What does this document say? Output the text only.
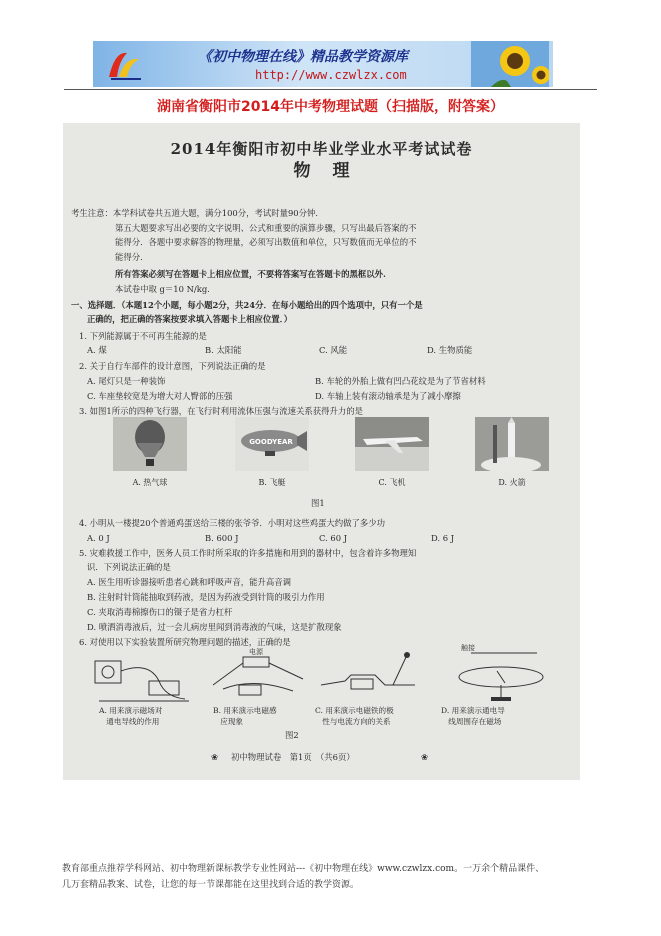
《初中物理在线》精品教学资源库
http://www.czwlzx.com
湖南省衡阳市2014年中考物理试题（扫描版，附答案）
2014年衡阳市初中毕业学业水平考试试卷
物理
考生注意：本学科试卷共五道大题，满分100分，考试时量90分钟．
第五大题要求写出必要的文字说明、公式和重要的演算步骤，只写出最后答案的不
能得分．各题中要求解答的物理量，必须写出数值和单位，只写数值而无单位的不
能得分．
所有答案必须写在答题卡上相应位置，不要将答案写在答题卡的黑框以外.
本试卷中取 g＝10 N/kg.
一、选择题．（本题12个小题，每小题2分，共24分．在每小题给出的四个选项中，只有一个是
正确的，把正确的答案按要求填入答题卡上相应位置．）
1. 下列能源属于不可再生能源的是
A. 煤	B. 太阳能	C. 风能	D. 生物质能
2. 关于自行车部件的设计意图，下列说法正确的是
A. 尾灯只是一种装饰	B. 车轮的外胎上做有凹凸花纹是为了节省材料
C. 车座垫较宽是为增大对人臀部的压强	D. 车轴上装有滚动轴承是为了减小摩擦
3. 如图1所示的四种飞行器，在飞行时利用流体压强与流速关系获得升力的是
A. 热气球
GOODYEAR
B. 飞艇	C. 飞机	D. 火箭
图1
4. 小明从一楼提20个普通鸡蛋送给三楼的张爷爷．小明对这些鸡蛋大约做了多少功
A. 0 J	B. 600 J	C. 60 J	D. 6 J
5. 灾难救援工作中，医务人员工作时所采取的许多措施和用到的器材中，包含着许多物理知
识．下列说法正确的是
A. 医生用听诊器接听患者心跳和呼吸声音，能升高音调
B. 注射时针筒能抽取到药液，是因为药液受到针筒的吸引力作用
C. 夹取消毒棉擦伤口的镊子是省力杠杆
D. 喷洒消毒液后，过一会儿病房里闻到消毒液的气味，这是扩散现象
6. 对使用以下实验装置所研究物理问题的描述，正确的是
电源	触接
A. 用来演示磁场对
通电导线的作用
B. 用来演示电磁感
应现象
C. 用来演示电磁铁的极
性与电流方向的关系
D. 用来演示通电导
线周围存在磁场
图2
❀ 初中物理试卷　第1页　（共6页）	❀
教育部重点推荐学科网站、初中物理新课标教学专业性网站---《初中物理在线》www.czwlzx.com。一万余个精品课件、
几万套精品教案、试卷，让您的每一节课都能在这里找到合适的教学资源。
